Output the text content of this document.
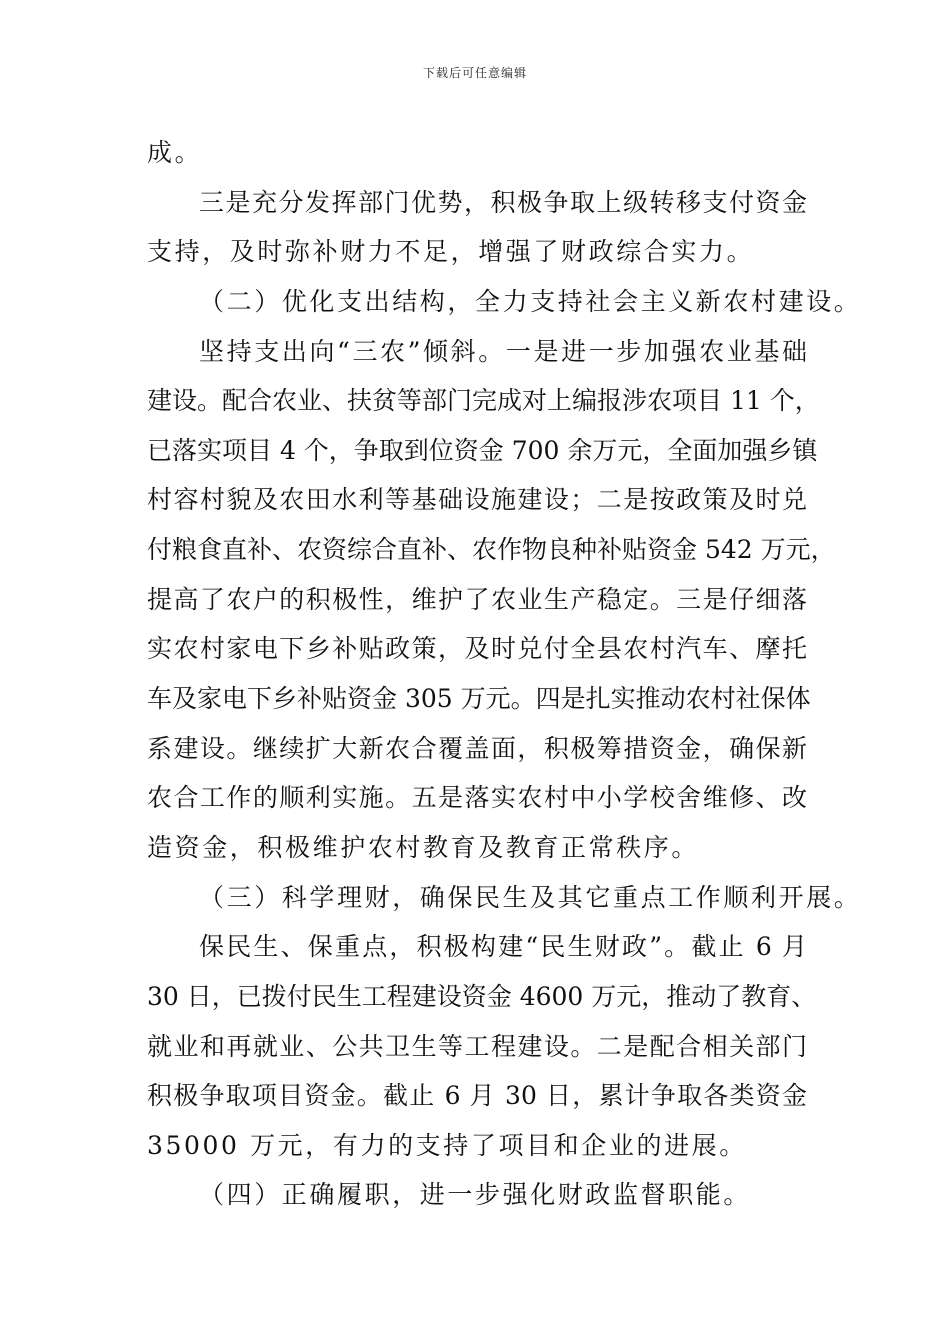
下载后可任意编辑
成。
三是充分发挥部门优势，积极争取上级转移支付资金
支持，及时弥补财力不足，增强了财政综合实力。
（二）优化支出结构，全力支持社会主义新农村建设。
坚持支出向“三农”倾斜。一是进一步加强农业基础
建设。配合农业、扶贫等部门完成对上编报涉农项目 11 个，
已落实项目 4 个，争取到位资金 700 余万元，全面加强乡镇
村容村貌及农田水利等基础设施建设；二是按政策及时兑
付粮食直补、农资综合直补、农作物良种补贴资金 542 万元，
提高了农户的积极性，维护了农业生产稳定。三是仔细落
实农村家电下乡补贴政策，及时兑付全县农村汽车、摩托
车及家电下乡补贴资金 305 万元。四是扎实推动农村社保体
系建设。继续扩大新农合覆盖面，积极筹措资金，确保新
农合工作的顺利实施。五是落实农村中小学校舍维修、改
造资金，积极维护农村教育及教育正常秩序。
（三）科学理财，确保民生及其它重点工作顺利开展。
保民生、保重点，积极构建“民生财政”。截止 6 月
30 日，已拨付民生工程建设资金 4600 万元，推动了教育、
就业和再就业、公共卫生等工程建设。二是配合相关部门
积极争取项目资金。截止 6 月 30 日，累计争取各类资金
35000 万元，有力的支持了项目和企业的进展。
（四）正确履职，进一步强化财政监督职能。
